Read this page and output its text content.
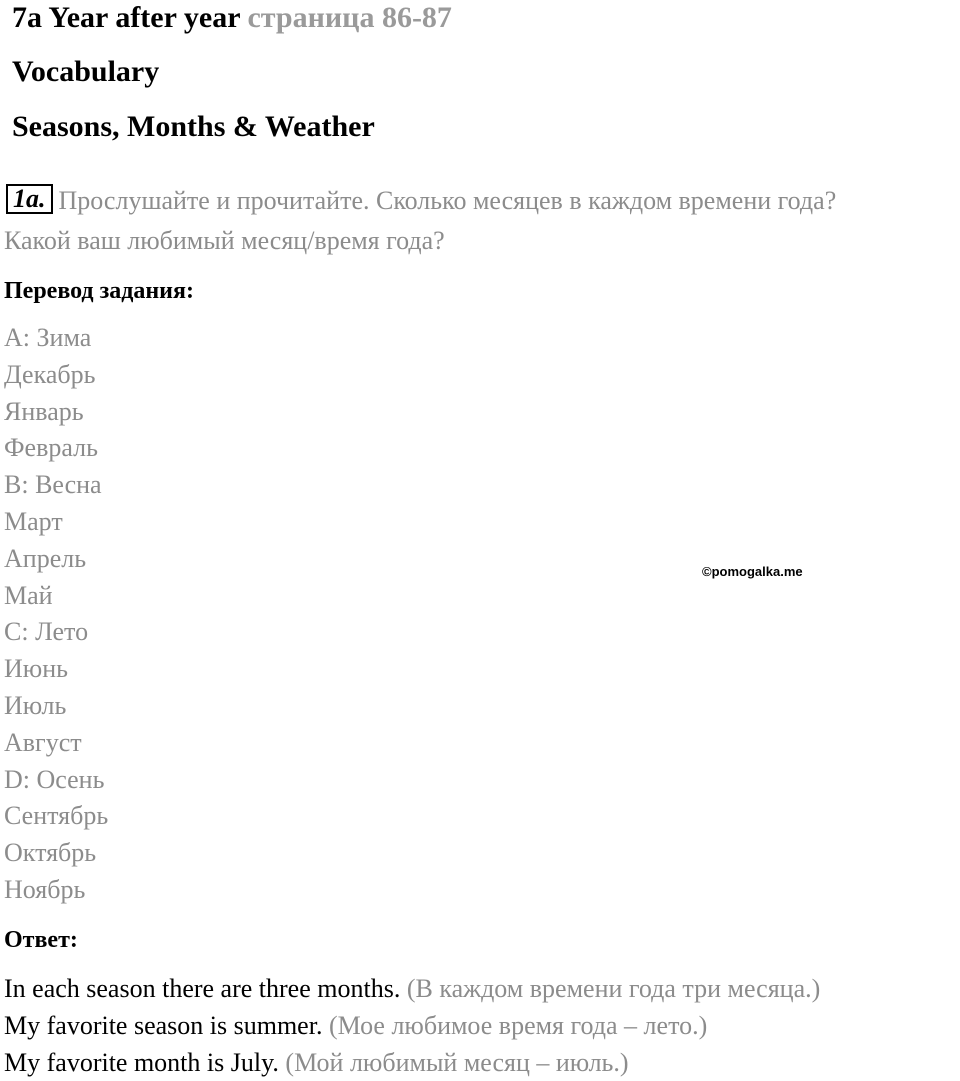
7a Year after year страница 86-87
Vocabulary
Seasons, Months & Weather
1a. Прослушайте и прочитайте. Сколько месяцев в каждом времени года?
Какой ваш любимый месяц/время года?
Перевод задания:
A: Зима
Декабрь
Январь
Февраль
B: Весна
Март
Апрель
Май
C: Лето
Июнь
Июль
Август
D: Осень
Сентябрь
Октябрь
Ноябрь
©pomogalka.me
Ответ:
In each season there are three months. (В каждом времени года три месяца.)
My favorite season is summer. (Мое любимое время года – лето.)
My favorite month is July. (Мой любимый месяц – июль.)
